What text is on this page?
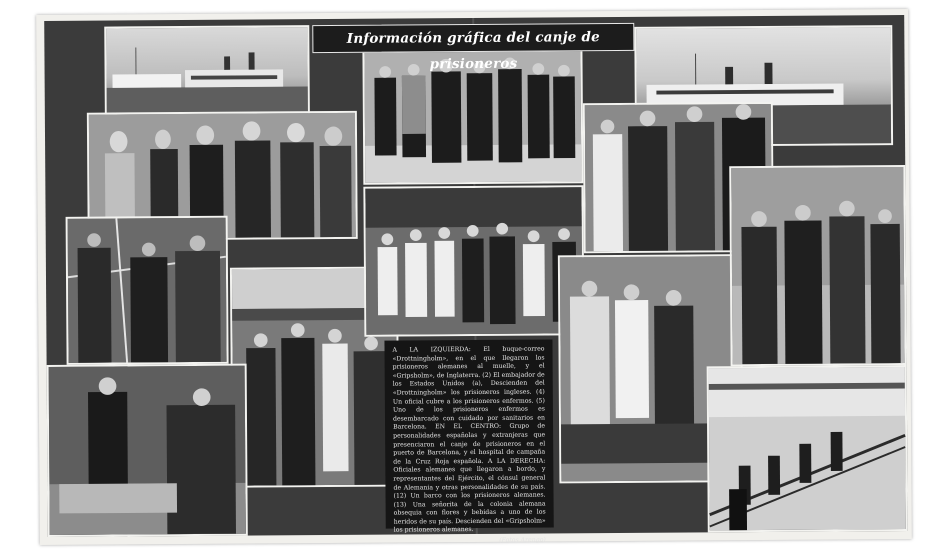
Información gráfica del canje de prisioneros
A LA IZQUIERDA: El buque-correo «Drottningholm», en el que llegaron los prisioneros alemanes al muelle, y el «Gripsholm», de Inglaterra. (2) El embajador de los Estados Unidos (a), Descienden del «Drottningholm» los prisioneros ingleses. (4) Un oficial cubre a los prisioneros enfermos. (5) Uno de los prisioneros enfermos es desembarcado con cuidado por sanitarios en Barcelona. EN EL CENTRO: Grupo de personalidades españolas y extranjeras que presenciaron el canje de prisioneros en el puerto de Barcelona, y el hospital de campaña de la Cruz Roja española. A LA DERECHA: Oficiales alemanes que llegaron a bordo, y representantes del Ejército, el cónsul general de Alemania y otras personalidades de su país. (12) Un barco con los prisioneros alemanes. (13) Una señorita de la colonia alemana obsequia con flores y bebidas a uno de los heridos de su país. Descienden del «Gripsholm» los prisioneros alemanes.
(Fotos Arengo)
